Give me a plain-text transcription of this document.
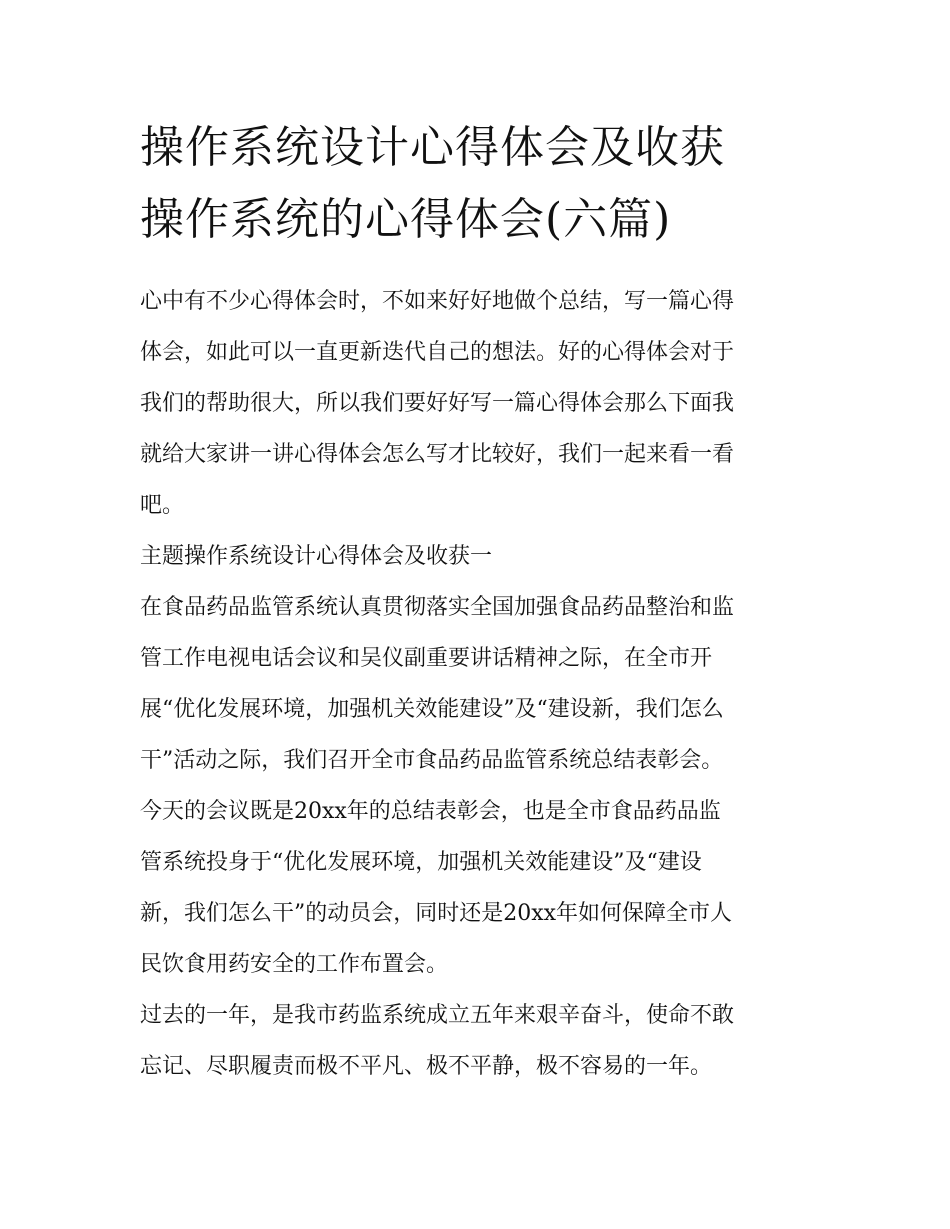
操作系统设计心得体会及收获
操作系统的心得体会(六篇)

心中有不少心得体会时，不如来好好地做个总结，写一篇心得
体会，如此可以一直更新迭代自己的想法。好的心得体会对于
我们的帮助很大，所以我们要好好写一篇心得体会那么下面我
就给大家讲一讲心得体会怎么写才比较好，我们一起来看一看
吧。

主题操作系统设计心得体会及收获一

在食品药品监管系统认真贯彻落实全国加强食品药品整治和监
管工作电视电话会议和吴仪副重要讲话精神之际，在全市开
展“优化发展环境，加强机关效能建设”及“建设新，我们怎么
干”活动之际，我们召开全市食品药品监管系统总结表彰会。

今天的会议既是20xx年的总结表彰会，也是全市食品药品监
管系统投身于“优化发展环境，加强机关效能建设”及“建设
新，我们怎么干”的动员会，同时还是20xx年如何保障全市人
民饮食用药安全的工作布置会。

过去的一年，是我市药监系统成立五年来艰辛奋斗，使命不敢
忘记、尽职履责而极不平凡、极不平静，极不容易的一年。
